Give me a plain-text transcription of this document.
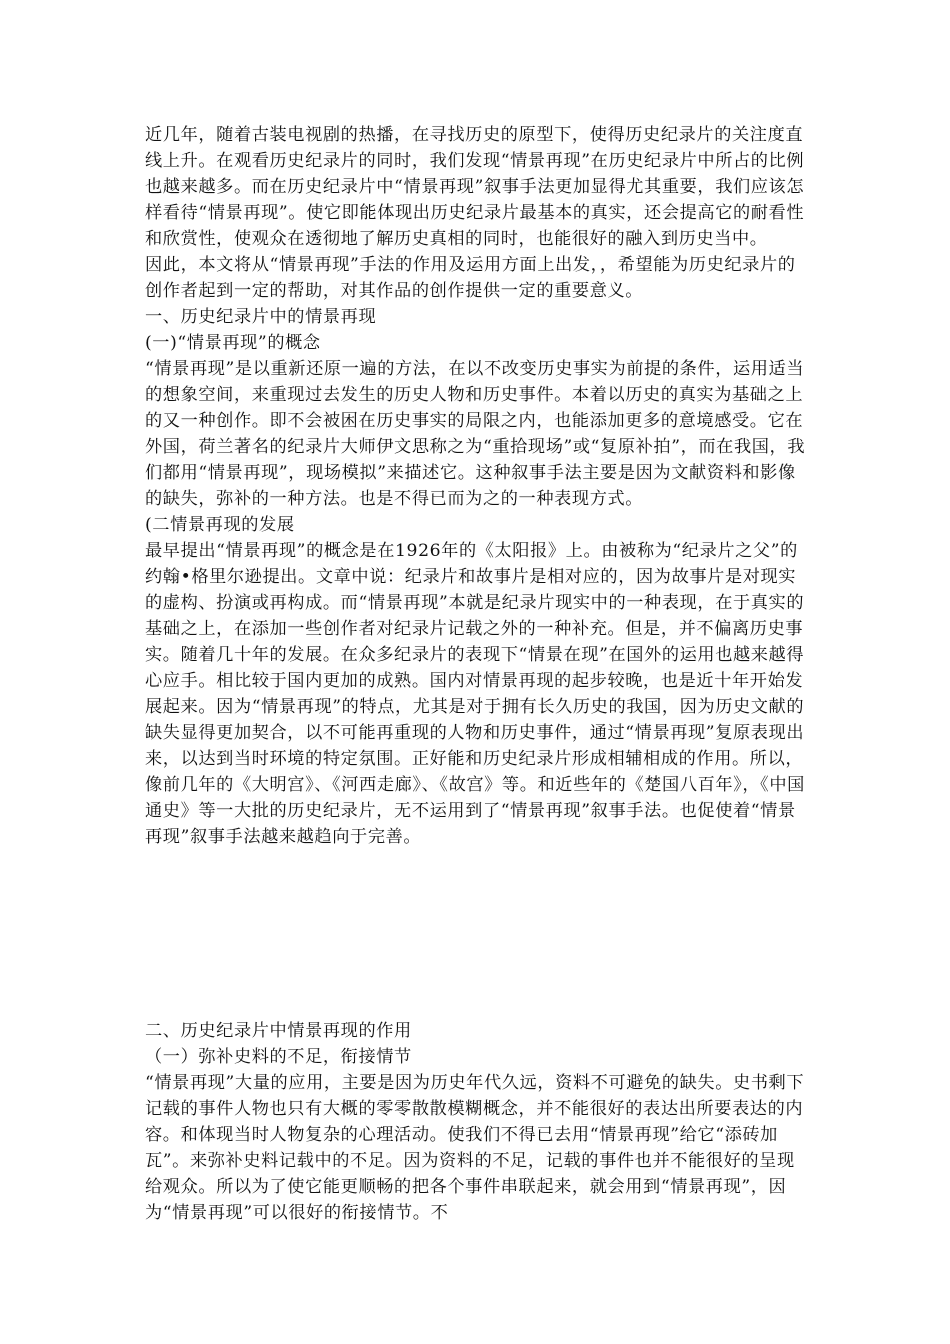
近几年，随着古装电视剧的热播，在寻找历史的原型下，使得历史纪录片的关注度直线上升。在观看历史纪录片的同时，我们发现“情景再现”在历史纪录片中所占的比例也越来越多。而在历史纪录片中“情景再现”叙事手法更加显得尤其重要，我们应该怎样看待“情景再现”。使它即能体现出历史纪录片最基本的真实，还会提高它的耐看性和欣赏性，使观众在透彻地了解历史真相的同时，也能很好的融入到历史当中。

因此，本文将从“情景再现”手法的作用及运用方面上出发，，希望能为历史纪录片的创作者起到一定的帮助，对其作品的创作提供一定的重要意义。

一、历史纪录片中的情景再现

(一)“情景再现”的概念

“情景再现”是以重新还原一遍的方法，在以不改变历史事实为前提的条件，运用适当的想象空间，来重现过去发生的历史人物和历史事件。本着以历史的真实为基础之上的又一种创作。即不会被困在历史事实的局限之内，也能添加更多的意境感受。它在外国，荷兰著名的纪录片大师伊文思称之为“重拾现场”或“复原补拍”，而在我国，我们都用“情景再现”，现场模拟”来描述它。这种叙事手法主要是因为文献资料和影像的缺失，弥补的一种方法。也是不得已而为之的一种表现方式。

(二情景再现的发展

最早提出“情景再现”的概念是在1926年的《太阳报》上。由被称为“纪录片之父”的约翰•格里尔逊提出。文章中说：纪录片和故事片是相对应的，因为故事片是对现实的虚构、扮演或再构成。而“情景再现”本就是纪录片现实中的一种表现，在于真实的基础之上，在添加一些创作者对纪录片记载之外的一种补充。但是，并不偏离历史事实。随着几十年的发展。在众多纪录片的表现下“情景在现”在国外的运用也越来越得心应手。相比较于国内更加的成熟。国内对情景再现的起步较晚，也是近十年开始发展起来。因为“情景再现”的特点，尤其是对于拥有长久历史的我国，因为历史文献的缺失显得更加契合，以不可能再重现的人物和历史事件，通过“情景再现”复原表现出来，以达到当时环境的特定氛围。正好能和历史纪录片形成相辅相成的作用。所以，像前几年的《大明宫》、《河西走廊》、《故宫》等。和近些年的《楚国八百年》，《中国通史》等一大批的历史纪录片，无不运用到了“情景再现”叙事手法。也促使着“情景再现”叙事手法越来越趋向于完善。

二、历史纪录片中情景再现的作用

（一）弥补史料的不足，衔接情节

“情景再现”大量的应用，主要是因为历史年代久远，资料不可避免的缺失。史书剩下记载的事件人物也只有大概的零零散散模糊概念，并不能很好的表达出所要表达的内容。和体现当时人物复杂的心理活动。使我们不得已去用“情景再现”给它“添砖加瓦”。来弥补史料记载中的不足。因为资料的不足，记载的事件也并不能很好的呈现给观众。所以为了使它能更顺畅的把各个事件串联起来，就会用到“情景再现”，因为“情景再现”可以很好的衔接情节。不
